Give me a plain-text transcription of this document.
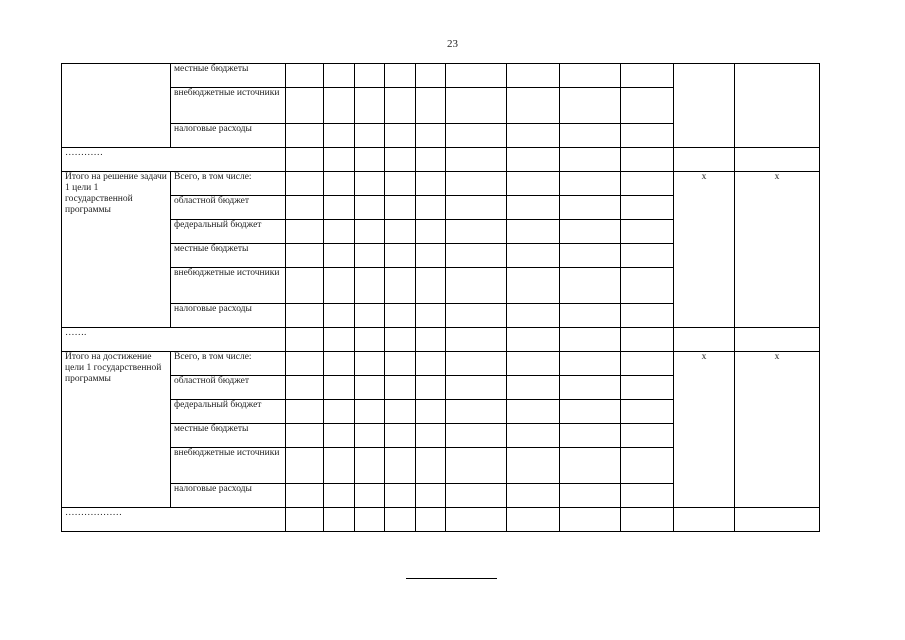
23
	местные бюджеты											
	внебюджетные источники											
	налоговые расходы											
…………												
Итого на решение задачи 1 цели 1 государственной программы	Всего, в том числе:										х	х
	областной бюджет											
	федеральный бюджет											
	местные бюджеты											
	внебюджетные источники											
	налоговые расходы											
…….												
Итого на достижение цели 1 государственной программы	Всего, в том числе:										х	х
	областной бюджет											
	федеральный бюджет											
	местные бюджеты											
	внебюджетные источники											
	налоговые расходы											
………………												
